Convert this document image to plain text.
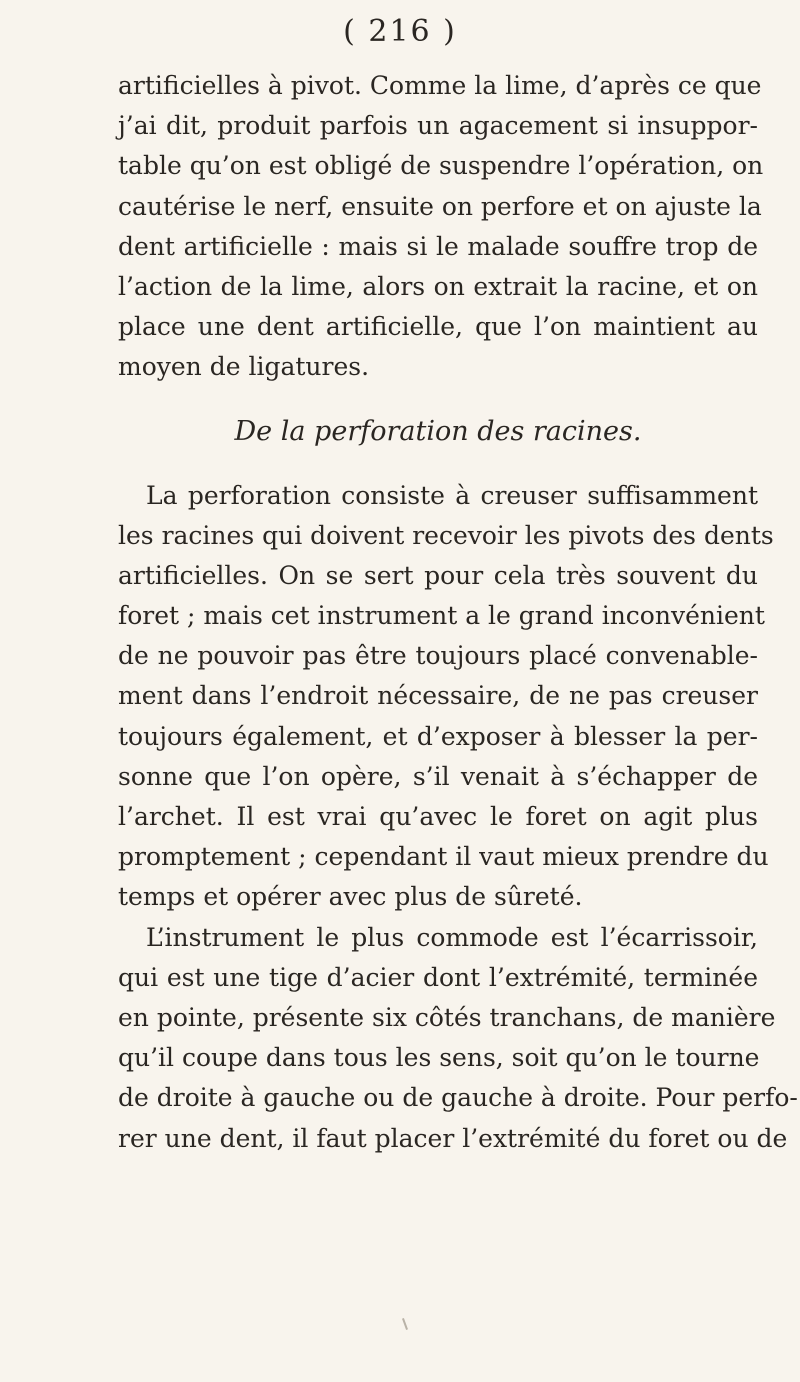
( 216 )
artificielles à pivot. Comme la lime, d’après ce que
j’ai dit, produit parfois un agacement si insuppor-
table qu’on est obligé de suspendre l’opération, on
cautérise le nerf, ensuite on perfore et on ajuste la
dent artificielle : mais si le malade souffre trop de
l’action de la lime, alors on extrait la racine, et on
place une dent artificielle, que l’on maintient au
moyen de ligatures.
De la perforation des racines.
La perforation consiste à creuser suffisamment
les racines qui doivent recevoir les pivots des dents
artificielles. On se sert pour cela très souvent du
foret ; mais cet instrument a le grand inconvénient
de ne pouvoir pas être toujours placé convenable-
ment dans l’endroit nécessaire, de ne pas creuser
toujours également, et d’exposer à blesser la per-
sonne que l’on opère, s’il venait à s’échapper de
l’archet. Il est vrai qu’avec le foret on agit plus
promptement ; cependant il vaut mieux prendre du
temps et opérer avec plus de sûreté.
L’instrument le plus commode est l’écarrissoir,
qui est une tige d’acier dont l’extrémité, terminée
en pointe, présente six côtés tranchans, de manière
qu’il coupe dans tous les sens, soit qu’on le tourne
de droite à gauche ou de gauche à droite. Pour perfo-
rer une dent, il faut placer l’extrémité du foret ou de
